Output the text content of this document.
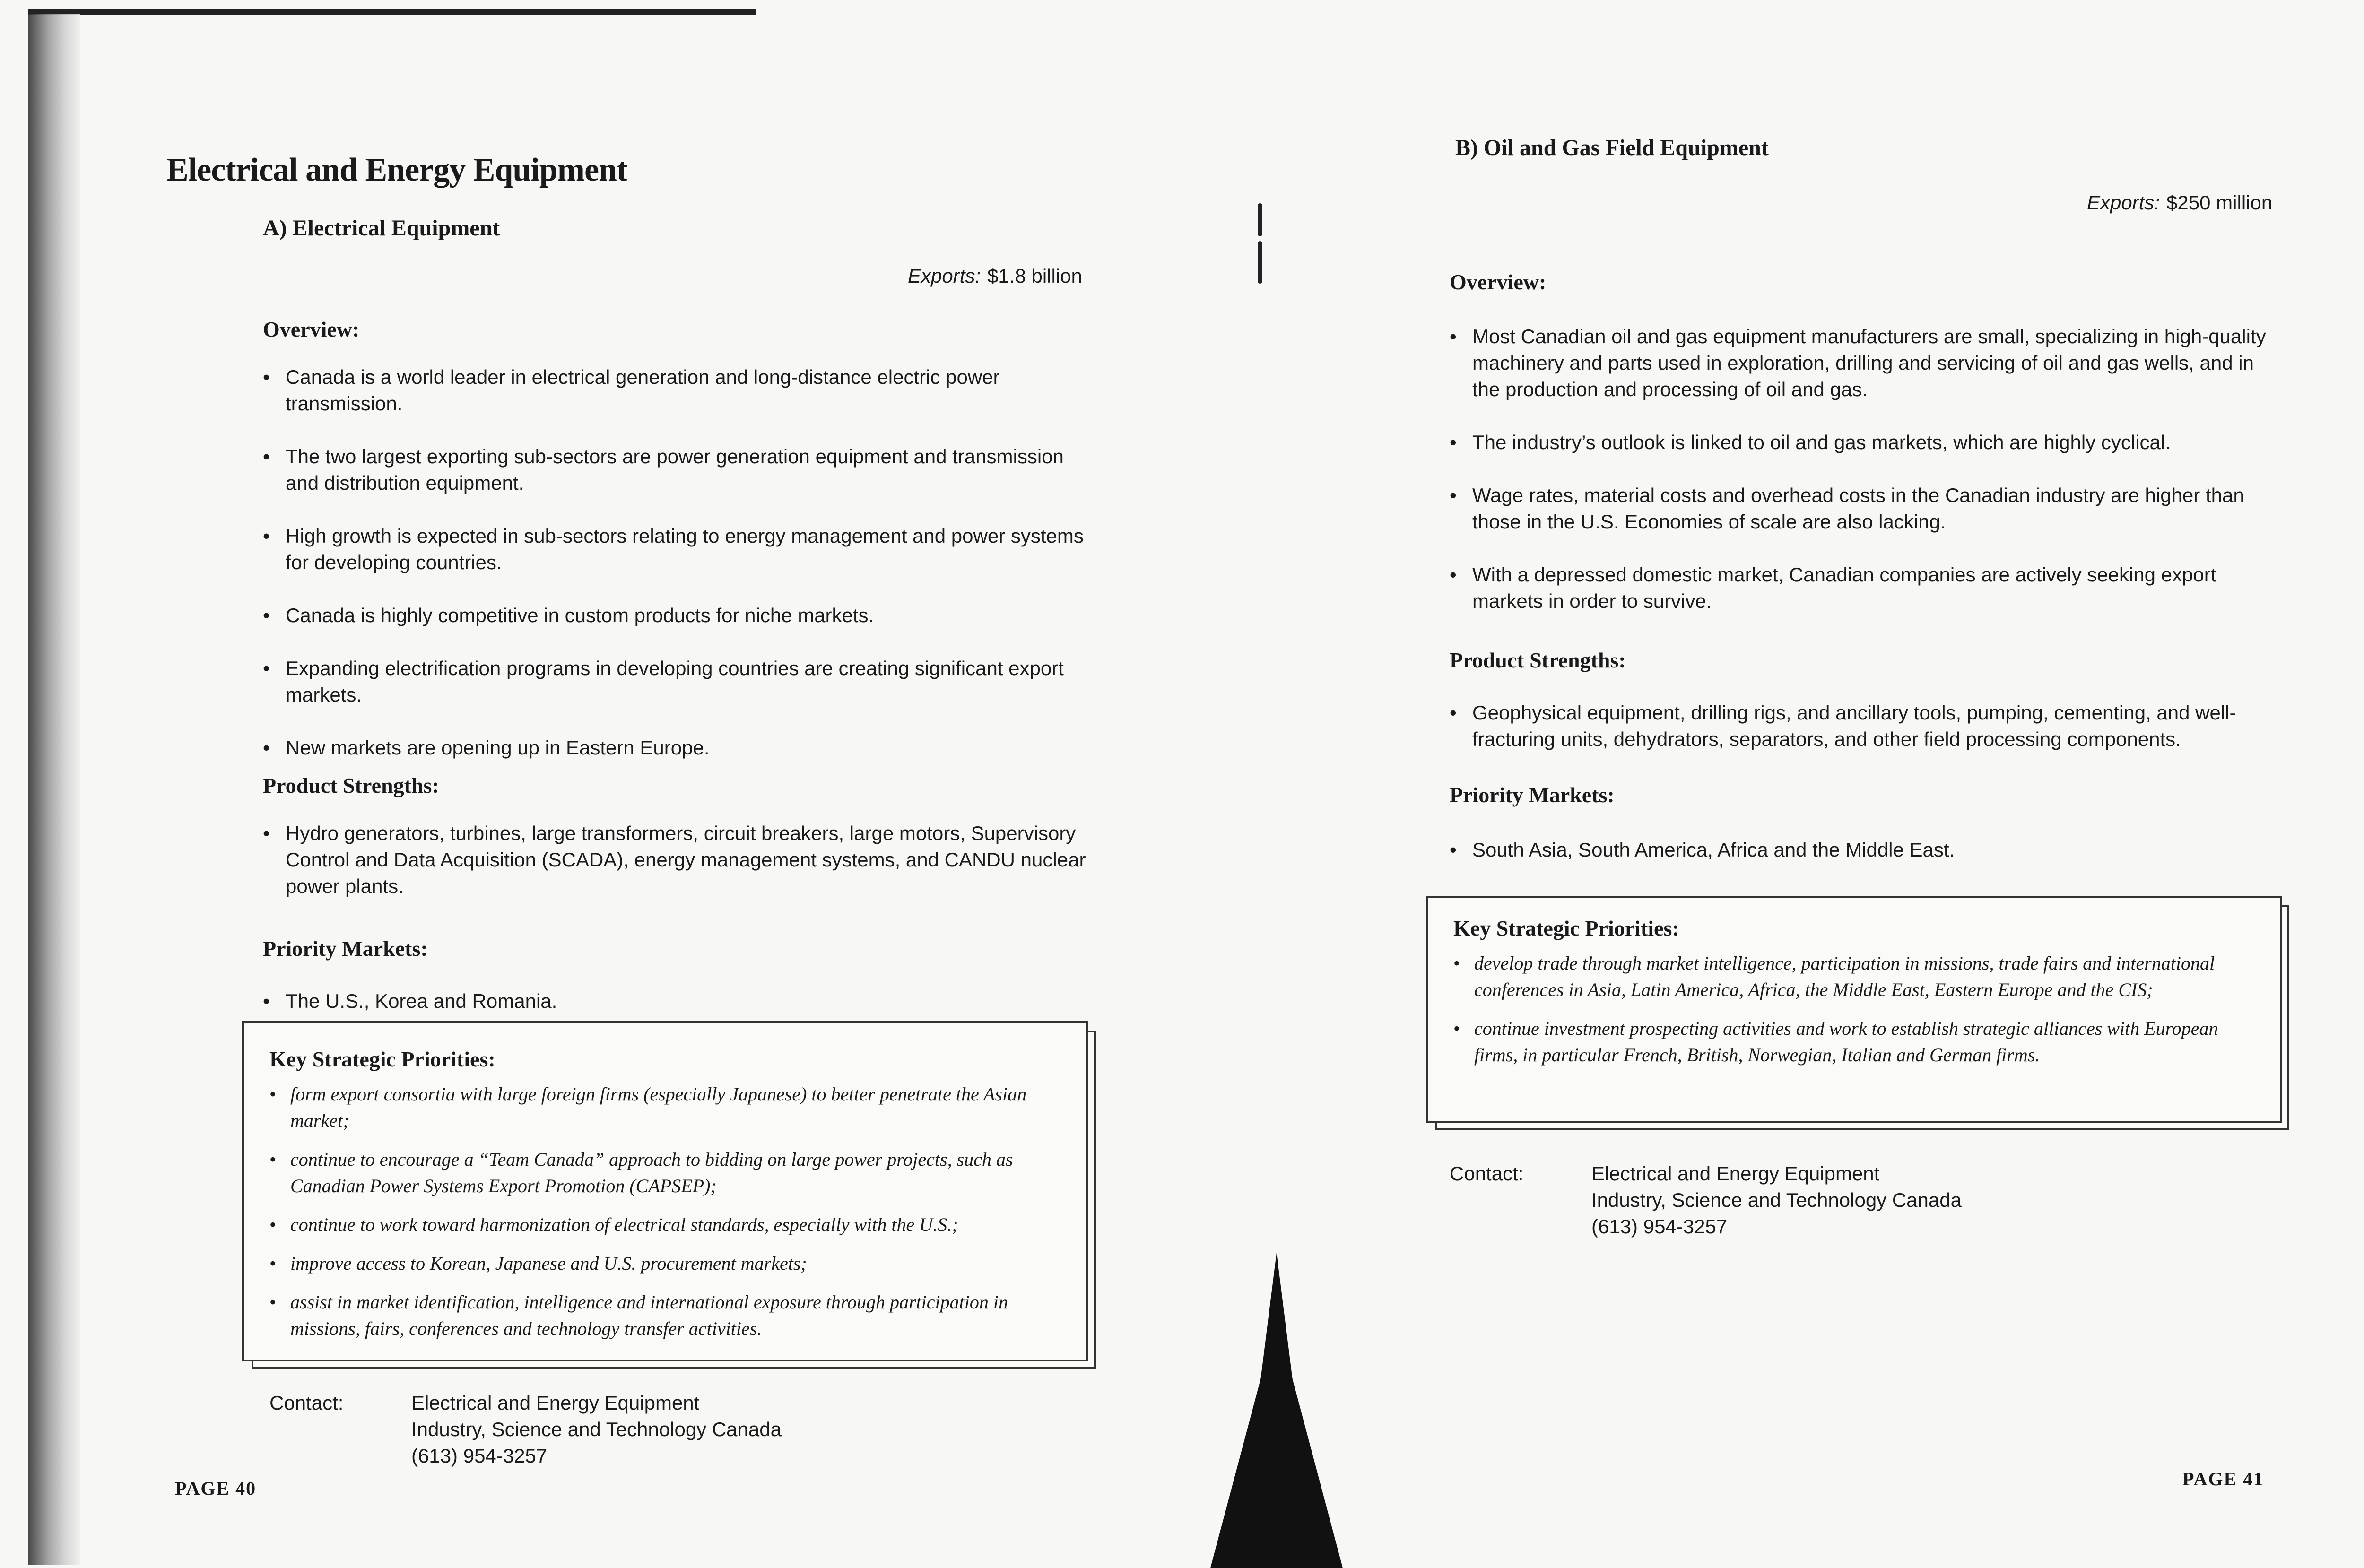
Electrical and Energy Equipment
A) Electrical Equipment
Exports: $1.8 billion
Overview:
• Canada is a world leader in electrical generation and long-distance electric power transmission.
• The two largest exporting sub-sectors are power generation equipment and transmission and distribution equipment.
• High growth is expected in sub-sectors relating to energy management and power systems for developing countries.
• Canada is highly competitive in custom products for niche markets.
• Expanding electrification programs in developing countries are creating significant export markets.
• New markets are opening up in Eastern Europe.
Product Strengths:
• Hydro generators, turbines, large transformers, circuit breakers, large motors, Supervisory Control and Data Acquisition (SCADA), energy management systems, and CANDU nuclear power plants.
Priority Markets:
• The U.S., Korea and Romania.
Key Strategic Priorities:
• form export consortia with large foreign firms (especially Japanese) to better penetrate the Asian market;
• continue to encourage a “Team Canada” approach to bidding on large power projects, such as Canadian Power Systems Export Promotion (CAPSEP);
• continue to work toward harmonization of electrical standards, especially with the U.S.;
• improve access to Korean, Japanese and U.S. procurement markets;
• assist in market identification, intelligence and international exposure through participation in missions, fairs, conferences and technology transfer activities.
Contact:	Electrical and Energy Equipment
Industry, Science and Technology Canada
(613) 954-3257
PAGE 40
B) Oil and Gas Field Equipment
Exports: $250 million
Overview:
• Most Canadian oil and gas equipment manufacturers are small, specializing in high-quality machinery and parts used in exploration, drilling and servicing of oil and gas wells, and in the production and processing of oil and gas.
• The industry’s outlook is linked to oil and gas markets, which are highly cyclical.
• Wage rates, material costs and overhead costs in the Canadian industry are higher than those in the U.S. Economies of scale are also lacking.
• With a depressed domestic market, Canadian companies are actively seeking export markets in order to survive.
Product Strengths:
• Geophysical equipment, drilling rigs, and ancillary tools, pumping, cementing, and well-fracturing units, dehydrators, separators, and other field processing components.
Priority Markets:
• South Asia, South America, Africa and the Middle East.
Key Strategic Priorities:
• develop trade through market intelligence, participation in missions, trade fairs and international conferences in Asia, Latin America, Africa, the Middle East, Eastern Europe and the CIS;
• continue investment prospecting activities and work to establish strategic alliances with European firms, in particular French, British, Norwegian, Italian and German firms.
Contact:	Electrical and Energy Equipment
Industry, Science and Technology Canada
(613) 954-3257
PAGE 41
